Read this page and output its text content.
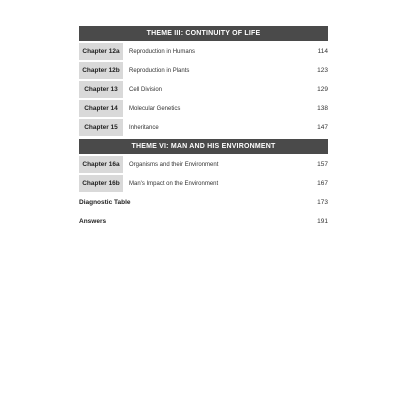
THEME III: CONTINUITY OF LIFE
Chapter 12a	Reproduction in Humans	114
Chapter 12b	Reproduction in Plants	123
Chapter 13	Cell Division	129
Chapter 14	Molecular Genetics	138
Chapter 15	Inheritance	147
THEME VI: MAN AND HIS ENVIRONMENT
Chapter 16a	Organisms and their Environment	157
Chapter 16b	Man's Impact on the Environment	167
Diagnostic Table	173
Answers	191
